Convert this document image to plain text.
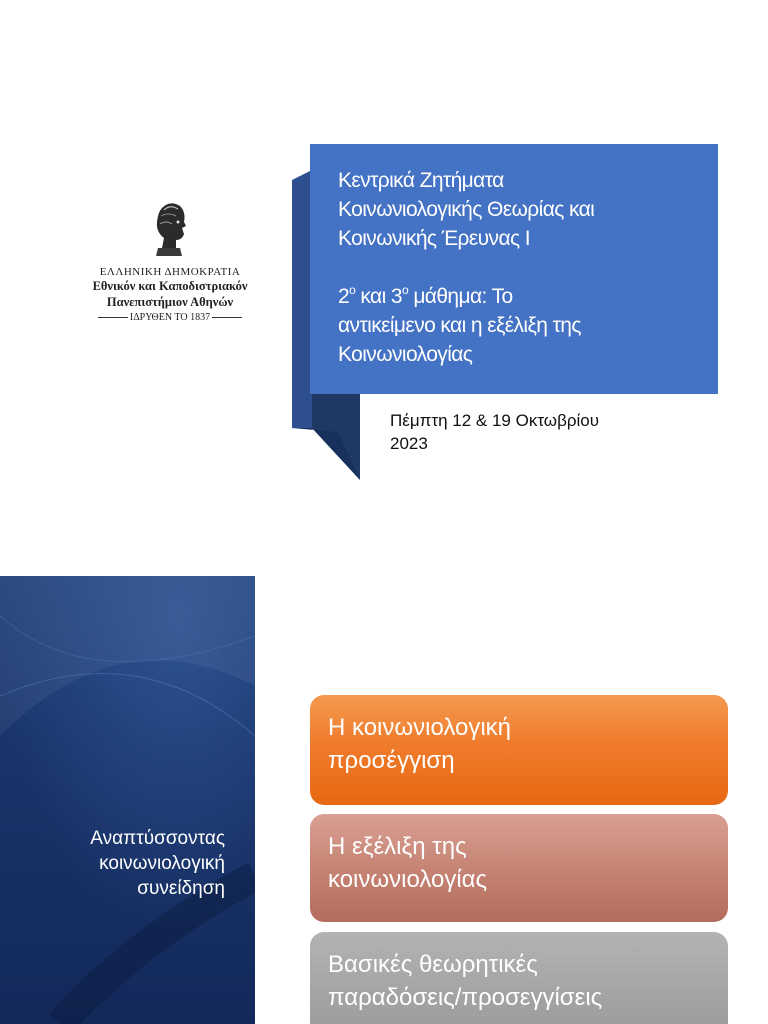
ΕΛΛΗΝΙΚΗ ΔΗΜΟΚΡΑΤΙΑ
Εθνικόν και Καποδιστριακόν
Πανεπιστήμιον Αθηνών
ΙΔΡΥΘΕΝ ΤΟ 1837

Κεντρικά Ζητήματα

Κοινωνιολογικής Θεωρίας και

Κοινωνικής Έρευνας Ι

$2^o$ και $3^o$ μάθημα: Το

αντικείμενο και η εξέλιξη της

Κοινωνιολογίας

Πέμπτη 12 & 19 Οκτωβρίου
2023
Αναπτύσσοντας
κοινωνιολογική
συνείδηση
Η κοινωνιολογική
προσέγγιση
Η εξέλιξη της
κοινωνιολογίας
Βασικές θεωρητικές
παραδόσεις/προσεγγίσεις
